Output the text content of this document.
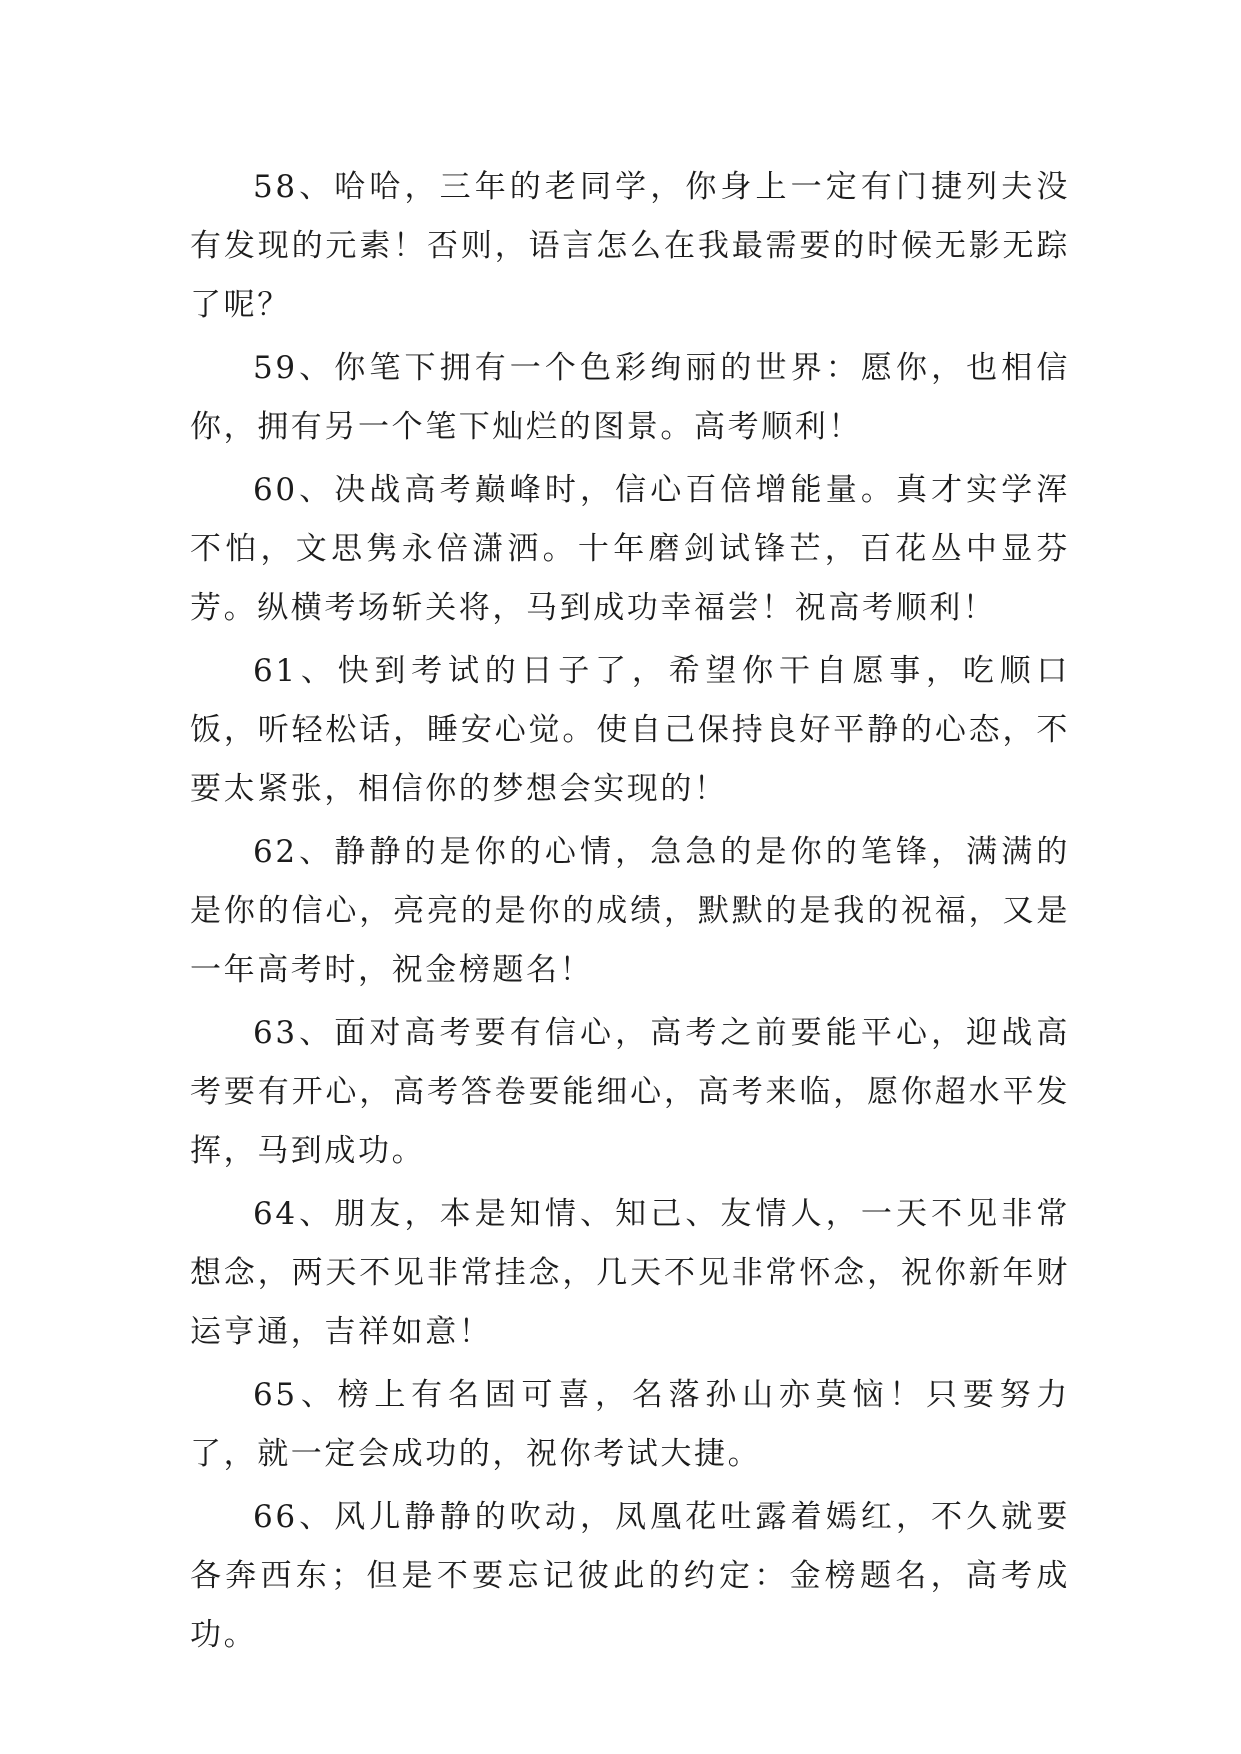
58、哈哈，三年的老同学，你身上一定有门捷列夫没有发现的元素！否则，语言怎么在我最需要的时候无影无踪了呢？

59、你笔下拥有一个色彩绚丽的世界：愿你，也相信你，拥有另一个笔下灿烂的图景。高考顺利！

60、决战高考巅峰时，信心百倍增能量。真才实学浑不怕，文思隽永倍潇洒。十年磨剑试锋芒，百花丛中显芬芳。纵横考场斩关将，马到成功幸福尝！祝高考顺利！

61、快到考试的日子了，希望你干自愿事，吃顺口饭，听轻松话，睡安心觉。使自己保持良好平静的心态，不要太紧张，相信你的梦想会实现的！

62、静静的是你的心情，急急的是你的笔锋，满满的是你的信心，亮亮的是你的成绩，默默的是我的祝福，又是一年高考时，祝金榜题名！

63、面对高考要有信心，高考之前要能平心，迎战高考要有开心，高考答卷要能细心，高考来临，愿你超水平发挥，马到成功。

64、朋友，本是知情、知己、友情人，一天不见非常想念，两天不见非常挂念，几天不见非常怀念，祝你新年财运亨通，吉祥如意！

65、榜上有名固可喜，名落孙山亦莫恼！只要努力了，就一定会成功的，祝你考试大捷。

66、风儿静静的吹动，凤凰花吐露着嫣红，不久就要各奔西东；但是不要忘记彼此的约定：金榜题名，高考成功。
